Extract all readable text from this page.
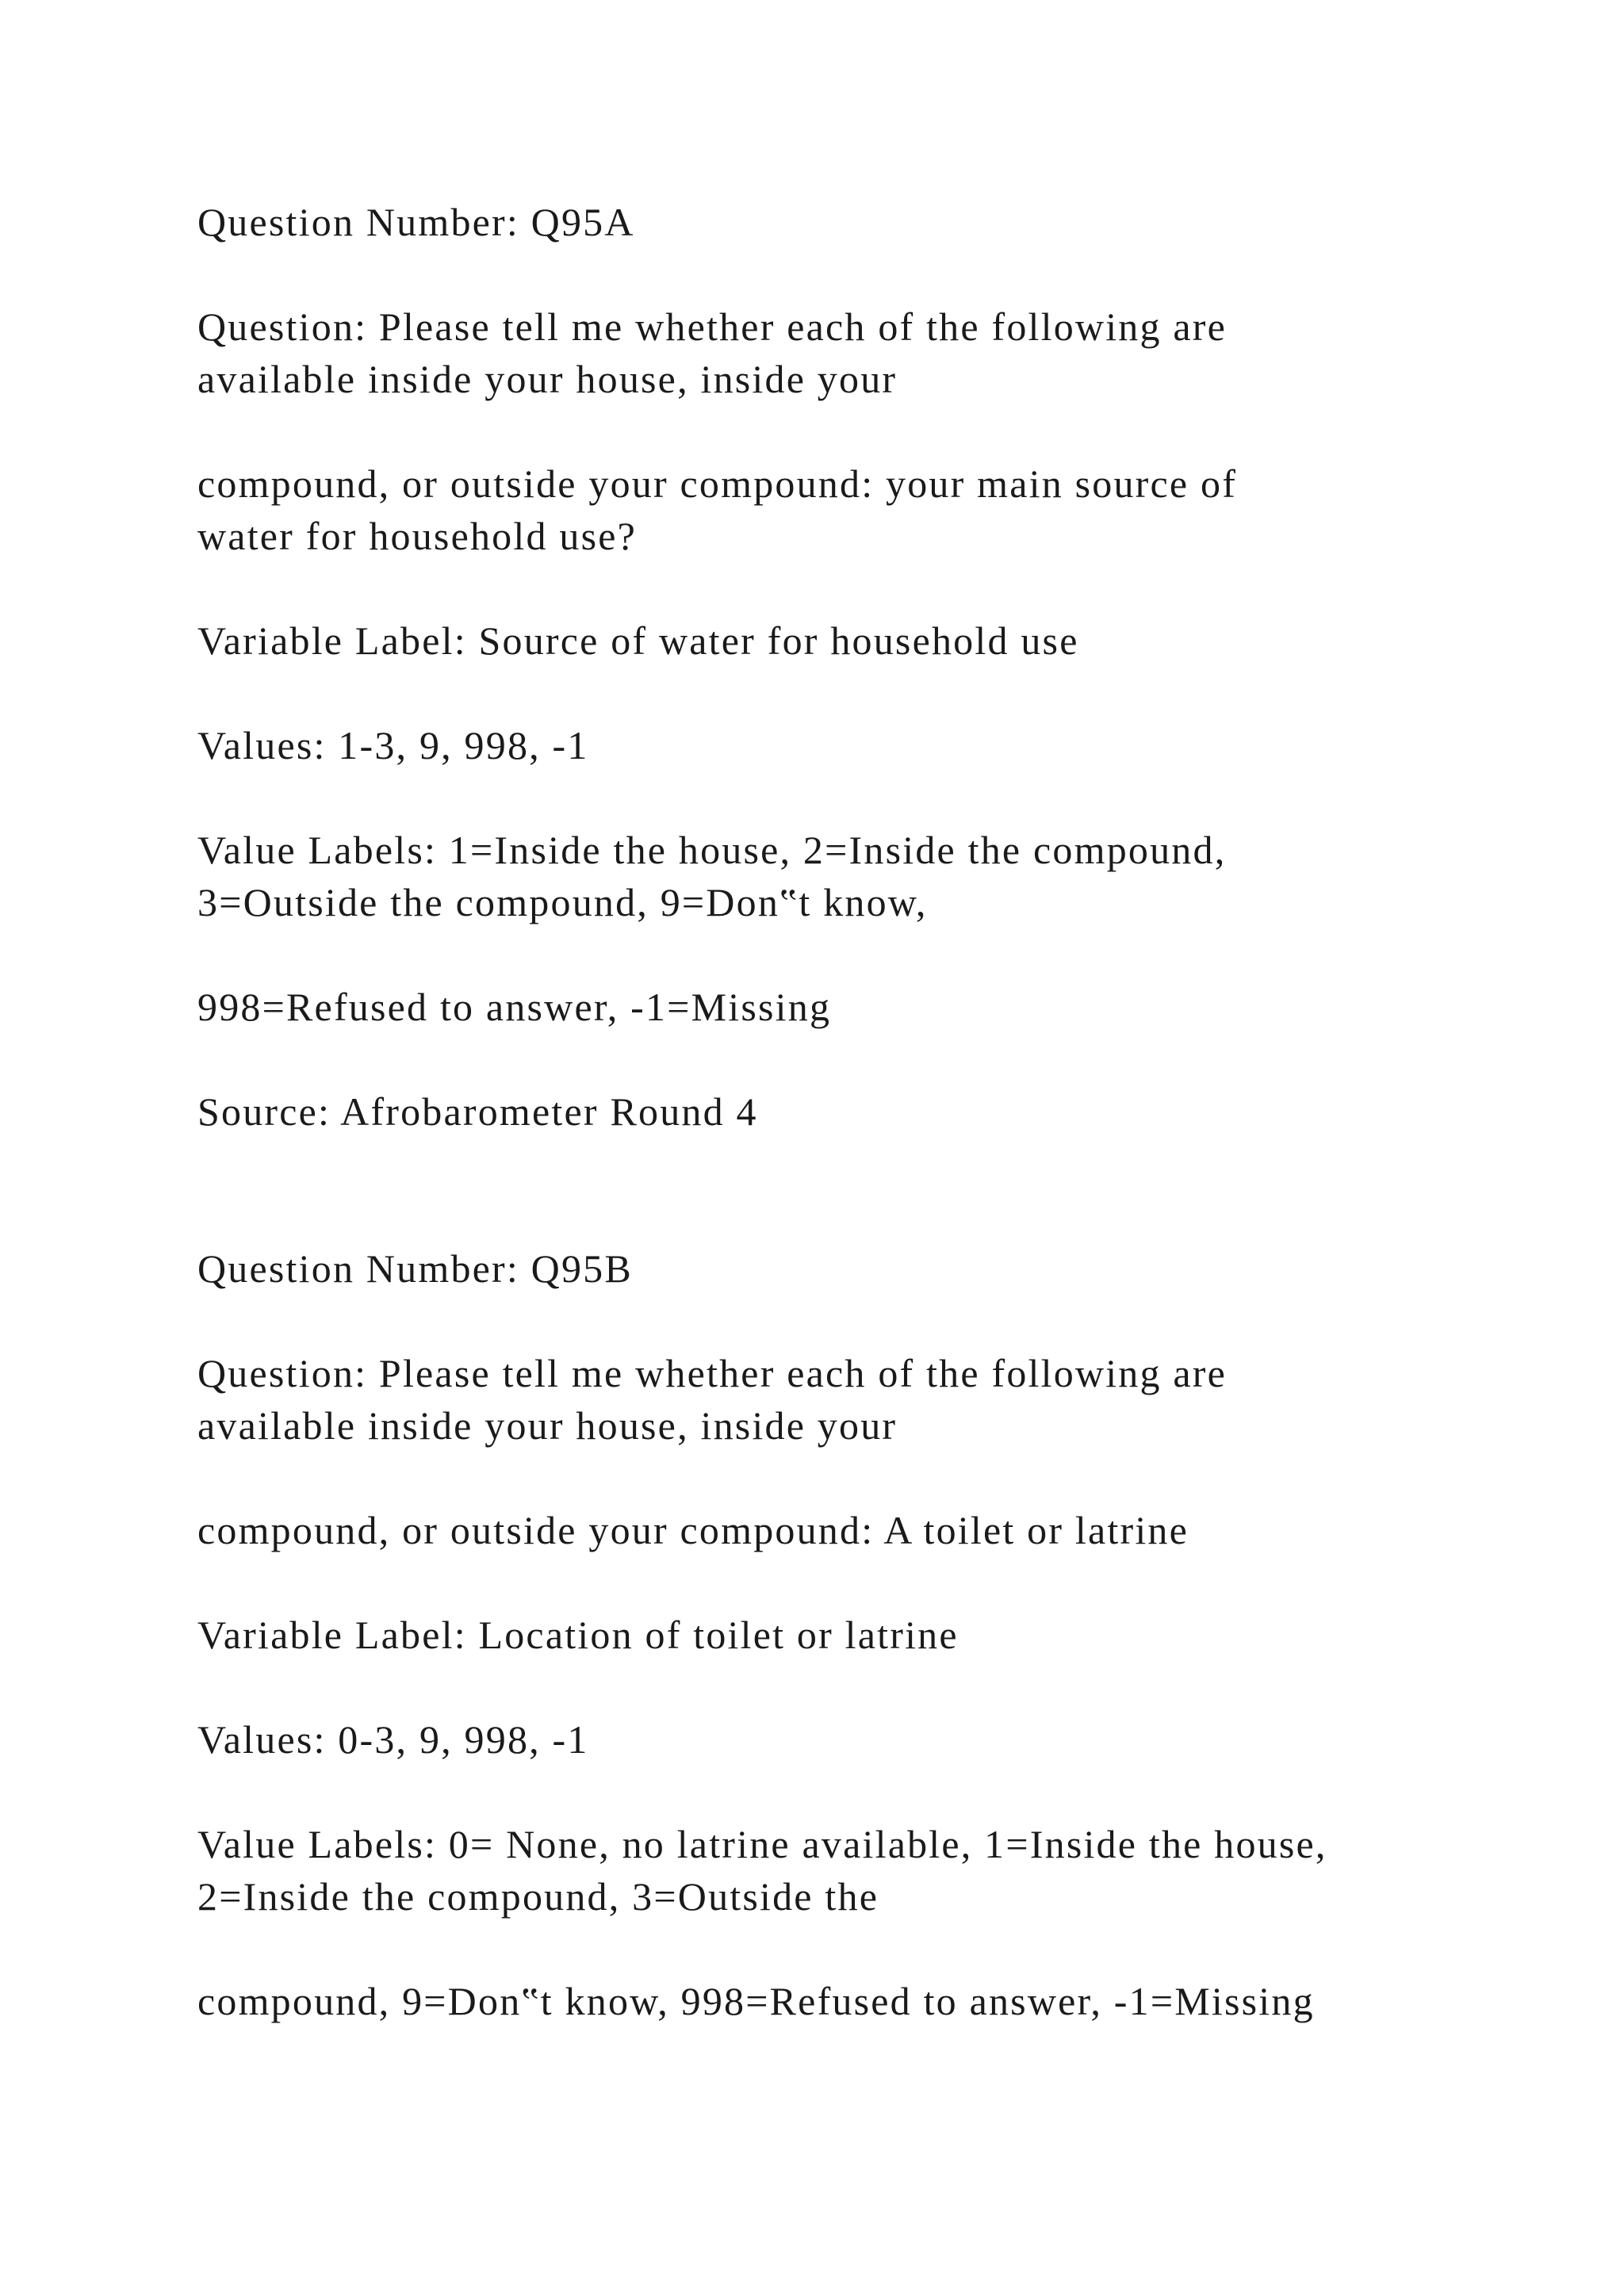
Question Number: Q95A

Question: Please tell me whether each of the following are

available inside your house, inside your

compound, or outside your compound: your main source of

water for household use?

Variable Label: Source of water for household use

Values: 1-3, 9, 998, -1

Value Labels: 1=Inside the house, 2=Inside the compound,

3=Outside the compound, 9=Don‟t know,

998=Refused to answer, -1=Missing

Source: Afrobarometer Round 4

Question Number: Q95B

Question: Please tell me whether each of the following are

available inside your house, inside your

compound, or outside your compound: A toilet or latrine

Variable Label: Location of toilet or latrine

Values: 0-3, 9, 998, -1

Value Labels: 0= None, no latrine available, 1=Inside the house,

2=Inside the compound, 3=Outside the

compound, 9=Don‟t know, 998=Refused to answer, -1=Missing
